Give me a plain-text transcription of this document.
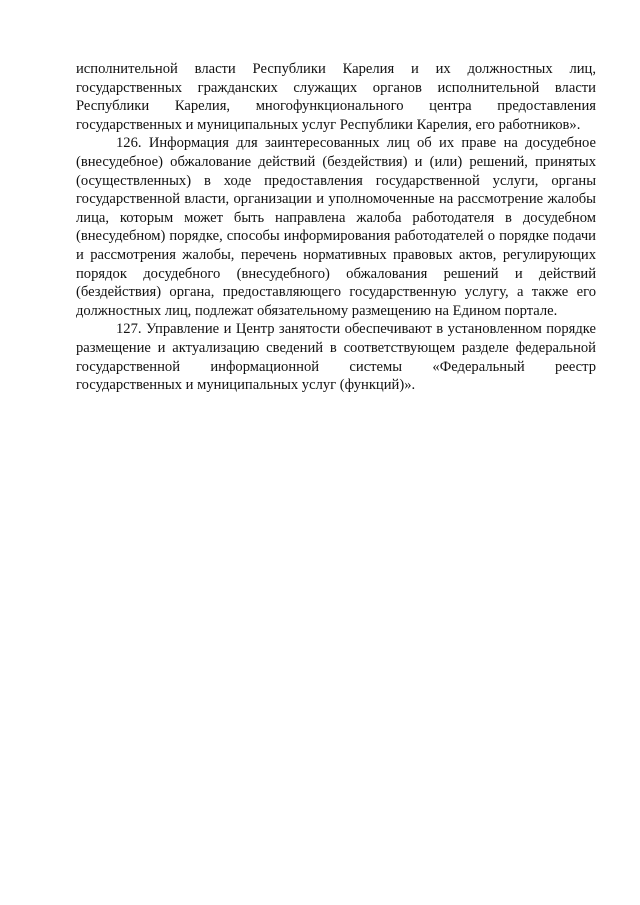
исполнительной власти Республики Карелия и их должностных лиц, государственных гражданских служащих органов исполнительной власти Республики Карелия, многофункционального центра предоставления государственных и муниципальных услуг Республики Карелия, его работников».

126. Информация для заинтересованных лиц об их праве на досудебное (внесудебное) обжалование действий (бездействия) и (или) решений, принятых (осуществленных) в ходе предоставления государственной услуги, органы государственной власти, организации и уполномоченные на рассмотрение жалобы лица, которым может быть направлена жалоба работодателя в досудебном (внесудебном) порядке, способы информирования работодателей о порядке подачи и рассмотрения жалобы, перечень нормативных правовых актов, регулирующих порядок досудебного (внесудебного) обжалования решений и действий (бездействия) органа, предоставляющего государственную услугу, а также его должностных лиц, подлежат обязательному размещению на Едином портале.

127. Управление и Центр занятости обеспечивают в установленном порядке размещение и актуализацию сведений в соответствующем разделе федеральной государственной информационной системы «Федеральный реестр государственных и муниципальных услуг (функций)».
